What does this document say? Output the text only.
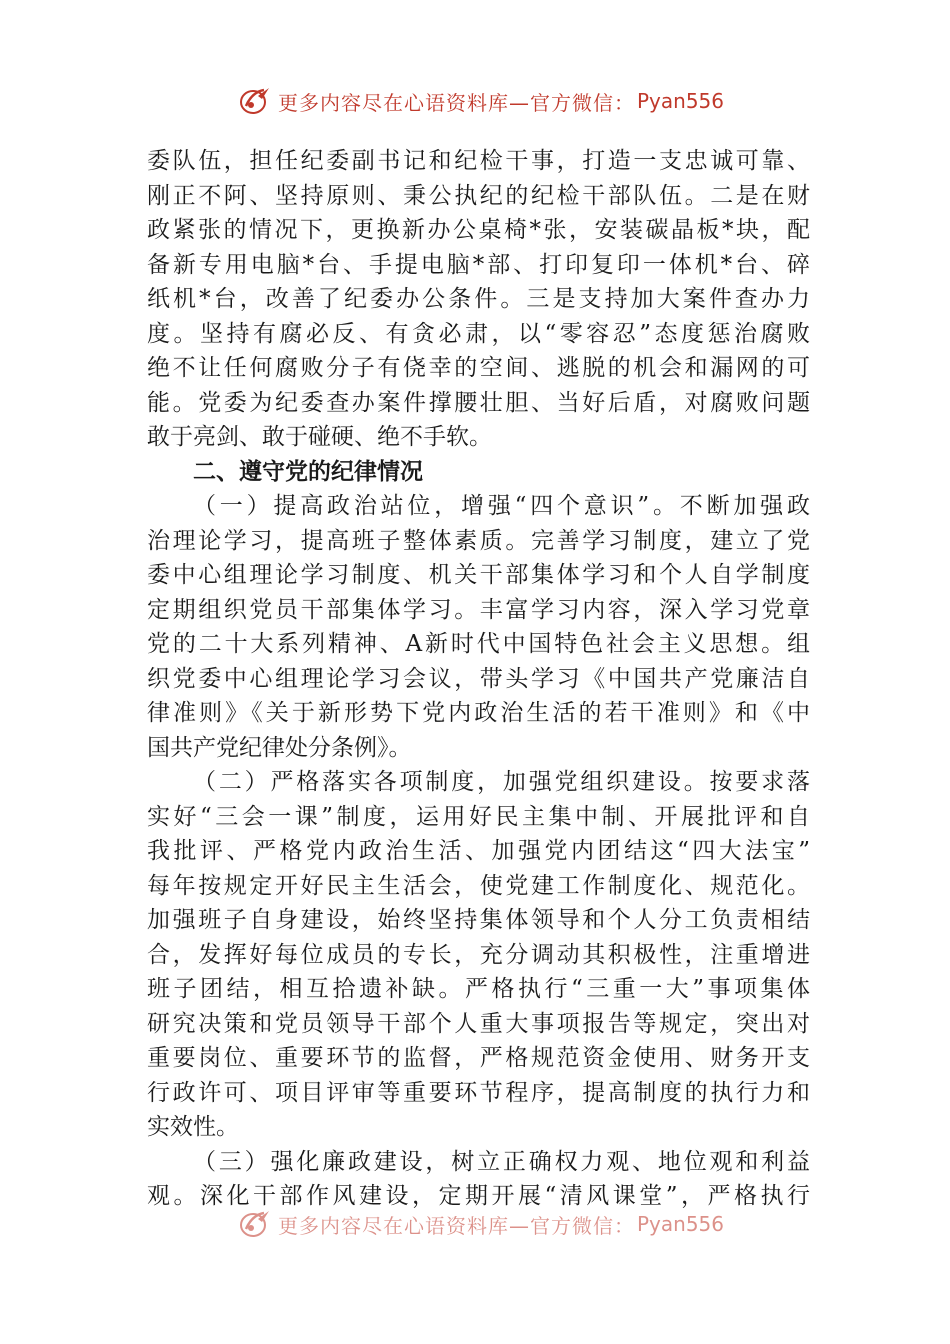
更多内容尽在心语资料库—官方微信： Pyan556
委队伍，担任纪委副书记和纪检干事，打造一支忠诚可靠、
刚正不阿、坚持原则、秉公执纪的纪检干部队伍。二是在财
政紧张的情况下，更换新办公桌椅*张，安装碳晶板*块，配
备新专用电脑*台、手提电脑*部、打印复印一体机*台、碎
纸机*台，改善了纪委办公条件。三是支持加大案件查办力
度。坚持有腐必反、有贪必肃，以“零容忍”态度惩治腐败
绝不让任何腐败分子有侥幸的空间、逃脱的机会和漏网的可
能。党委为纪委查办案件撑腰壮胆、当好后盾，对腐败问题
敢于亮剑、敢于碰硬、绝不手软。
二、遵守党的纪律情况
（一）提高政治站位，增强“四个意识”。不断加强政
治理论学习，提高班子整体素质。完善学习制度，建立了党
委中心组理论学习制度、机关干部集体学习和个人自学制度
定期组织党员干部集体学习。丰富学习内容，深入学习党章
党的二十大系列精神、A新时代中国特色社会主义思想。组
织党委中心组理论学习会议，带头学习《中国共产党廉洁自
律准则》《关于新形势下党内政治生活的若干准则》和《中
国共产党纪律处分条例》。
（二）严格落实各项制度，加强党组织建设。按要求落
实好“三会一课”制度，运用好民主集中制、开展批评和自
我批评、严格党内政治生活、加强党内团结这“四大法宝”
每年按规定开好民主生活会，使党建工作制度化、规范化。
加强班子自身建设，始终坚持集体领导和个人分工负责相结
合，发挥好每位成员的专长，充分调动其积极性，注重增进
班子团结，相互拾遗补缺。严格执行“三重一大”事项集体
研究决策和党员领导干部个人重大事项报告等规定，突出对
重要岗位、重要环节的监督，严格规范资金使用、财务开支
行政许可、项目评审等重要环节程序，提高制度的执行力和
实效性。
（三）强化廉政建设，树立正确权力观、地位观和利益
观。深化干部作风建设，定期开展“清风课堂”，严格执行
更多内容尽在心语资料库—官方微信： Pyan556
